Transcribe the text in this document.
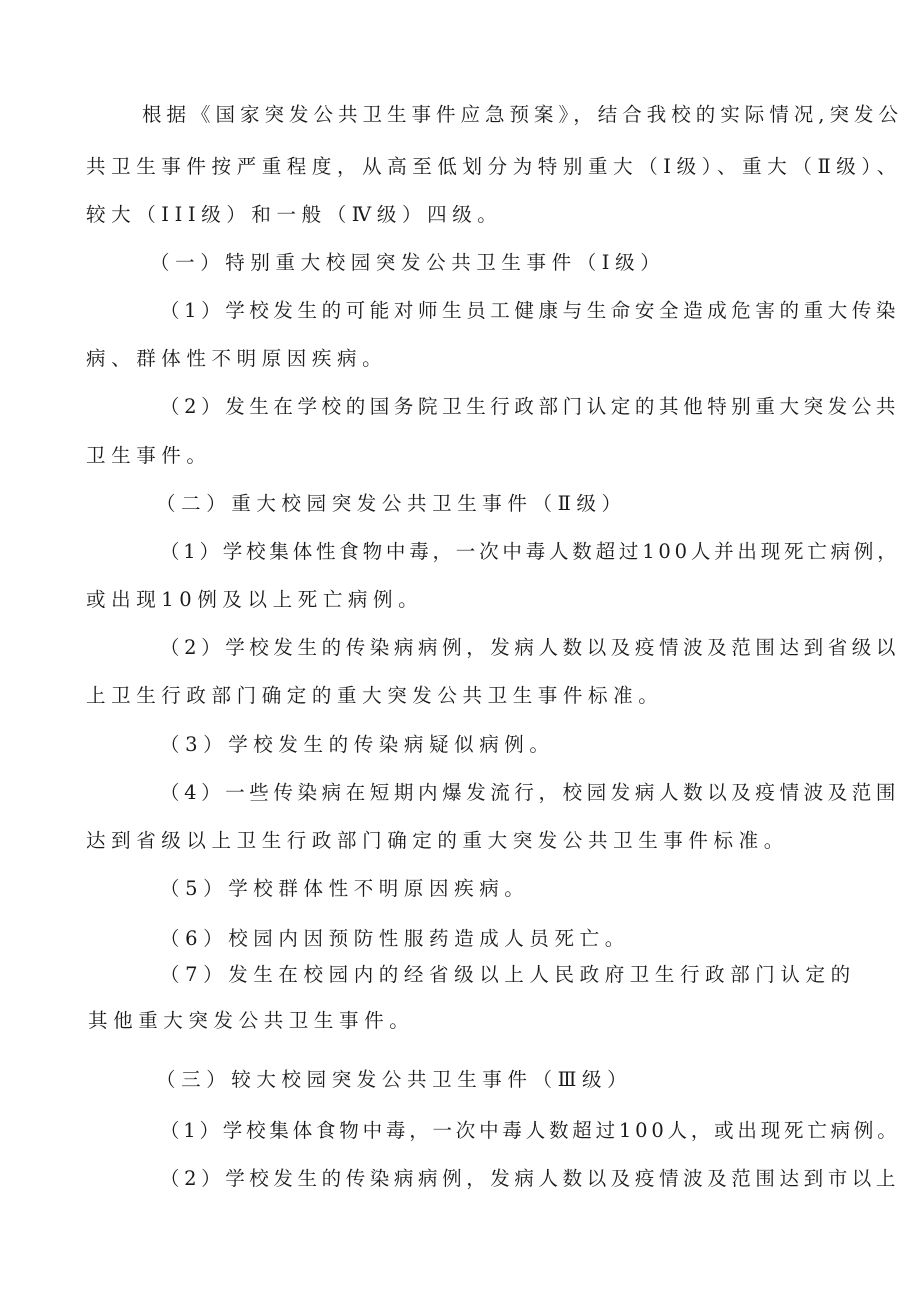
根据《国家突发公共卫生事件应急预案》，结合我校的实际情况,突发公

共卫生事件按严重程度，从高至低划分为特别重大（Ⅰ级）、重大（Ⅱ级）、

较大（III级）和一般（Ⅳ级）四级。

（一）特别重大校园突发公共卫生事件（Ⅰ级）

（1）学校发生的可能对师生员工健康与生命安全造成危害的重大传染

病、群体性不明原因疾病。

（2）发生在学校的国务院卫生行政部门认定的其他特别重大突发公共

卫生事件。

（二）重大校园突发公共卫生事件（Ⅱ级）

（1）学校集体性食物中毒，一次中毒人数超过100人并出现死亡病例，

或出现10例及以上死亡病例。

（2）学校发生的传染病病例，发病人数以及疫情波及范围达到省级以

上卫生行政部门确定的重大突发公共卫生事件标准。

（3）学校发生的传染病疑似病例。

（4）一些传染病在短期内爆发流行，校园发病人数以及疫情波及范围

达到省级以上卫生行政部门确定的重大突发公共卫生事件标准。

（5）学校群体性不明原因疾病。

（6）校园内因预防性服药造成人员死亡。

（7）发生在校园内的经省级以上人民政府卫生行政部门认定的

其他重大突发公共卫生事件。

（三）较大校园突发公共卫生事件（Ⅲ级）

（1）学校集体食物中毒，一次中毒人数超过100人，或出现死亡病例。

（2）学校发生的传染病病例，发病人数以及疫情波及范围达到市以上
